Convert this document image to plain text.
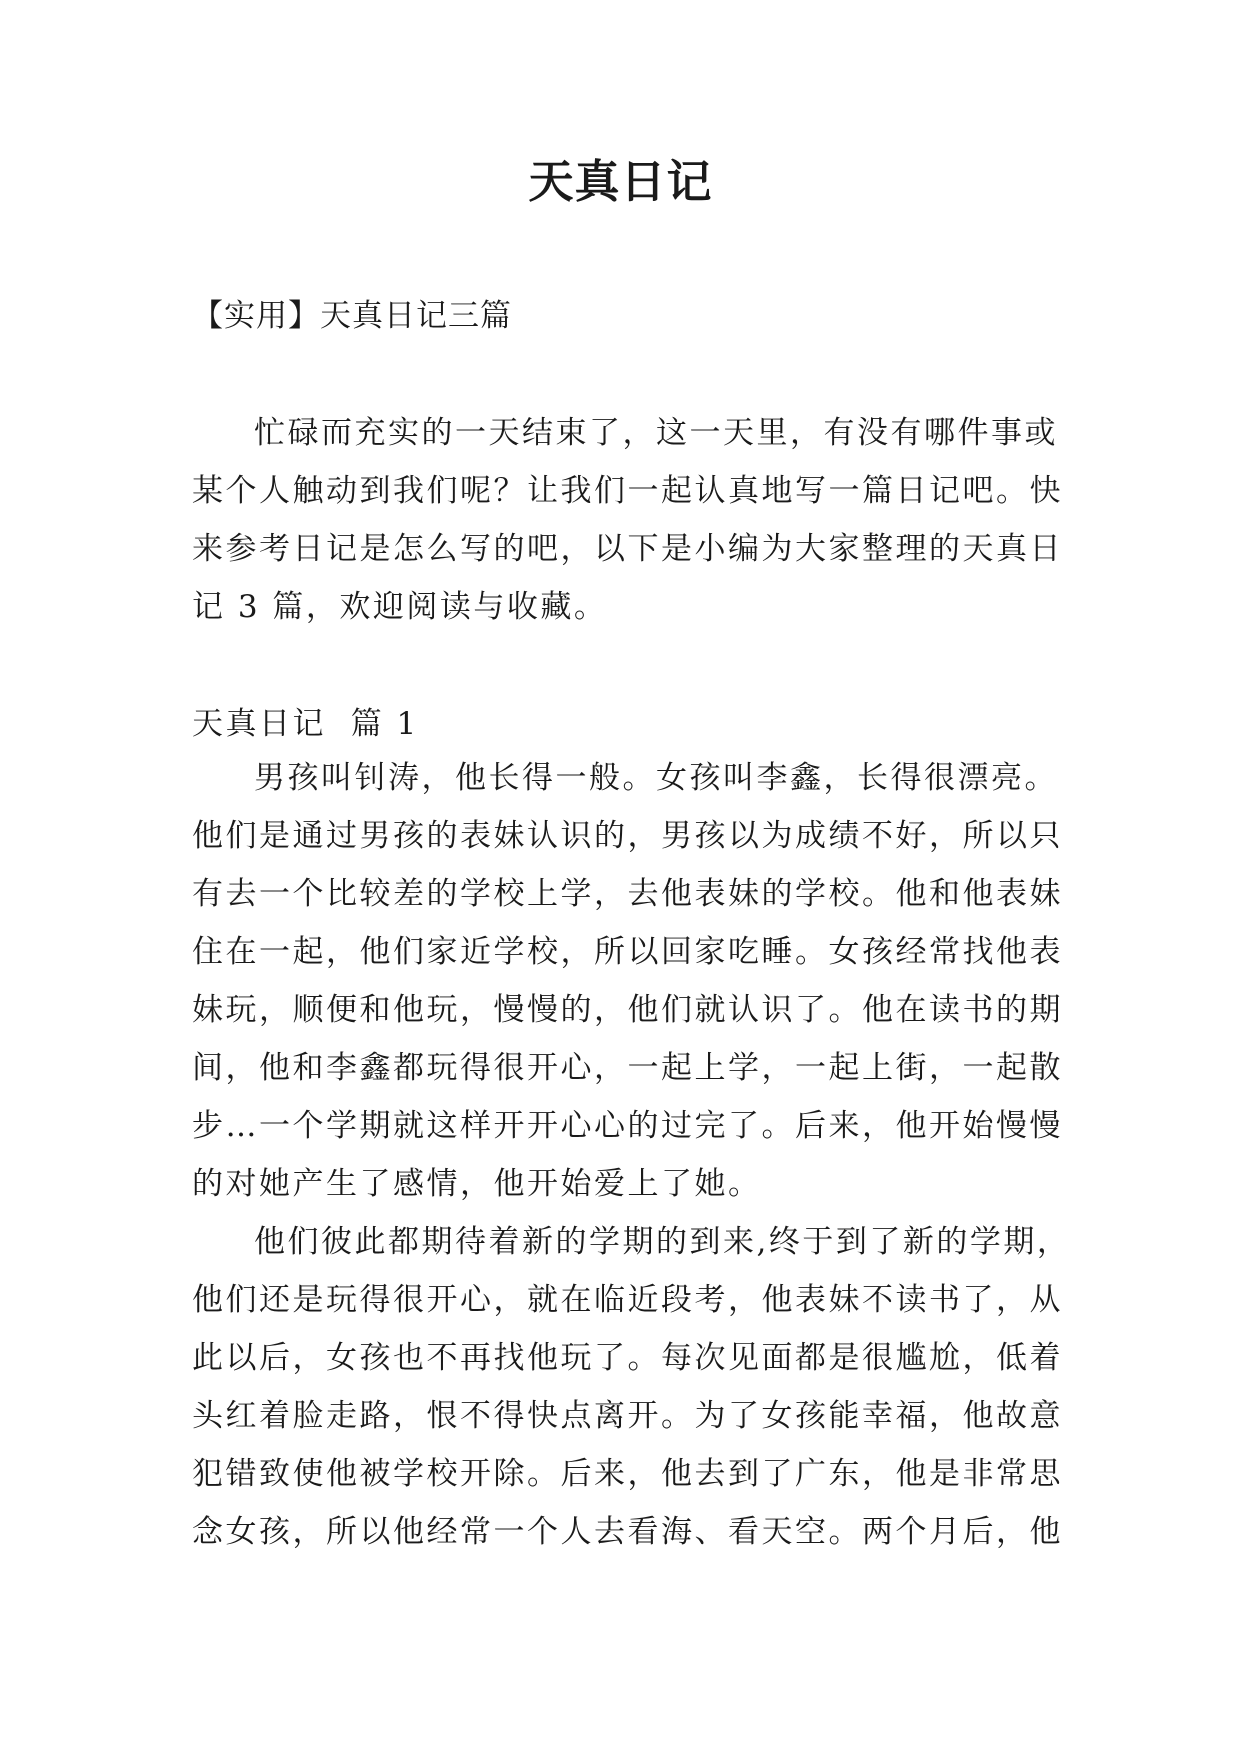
天真日记
【实用】天真日记三篇
忙碌而充实的一天结束了，这一天里，有没有哪件事或
某个人触动到我们呢？让我们一起认真地写一篇日记吧。快
来参考日记是怎么写的吧，以下是小编为大家整理的天真日
记 3 篇，欢迎阅读与收藏。
天真日记  篇 1
男孩叫钊涛，他长得一般。女孩叫李鑫，长得很漂亮。
他们是通过男孩的表妹认识的，男孩以为成绩不好，所以只
有去一个比较差的学校上学，去他表妹的学校。他和他表妹
住在一起，他们家近学校，所以回家吃睡。女孩经常找他表
妹玩，顺便和他玩，慢慢的，他们就认识了。他在读书的期
间，他和李鑫都玩得很开心，一起上学，一起上街，一起散
步…一个学期就这样开开心心的过完了。后来，他开始慢慢
的对她产生了感情，他开始爱上了她。
他们彼此都期待着新的学期的到来,终于到了新的学期，
他们还是玩得很开心，就在临近段考，他表妹不读书了，从
此以后，女孩也不再找他玩了。每次见面都是很尴尬，低着
头红着脸走路，恨不得快点离开。为了女孩能幸福，他故意
犯错致使他被学校开除。后来，他去到了广东，他是非常思
念女孩，所以他经常一个人去看海、看天空。两个月后，他
